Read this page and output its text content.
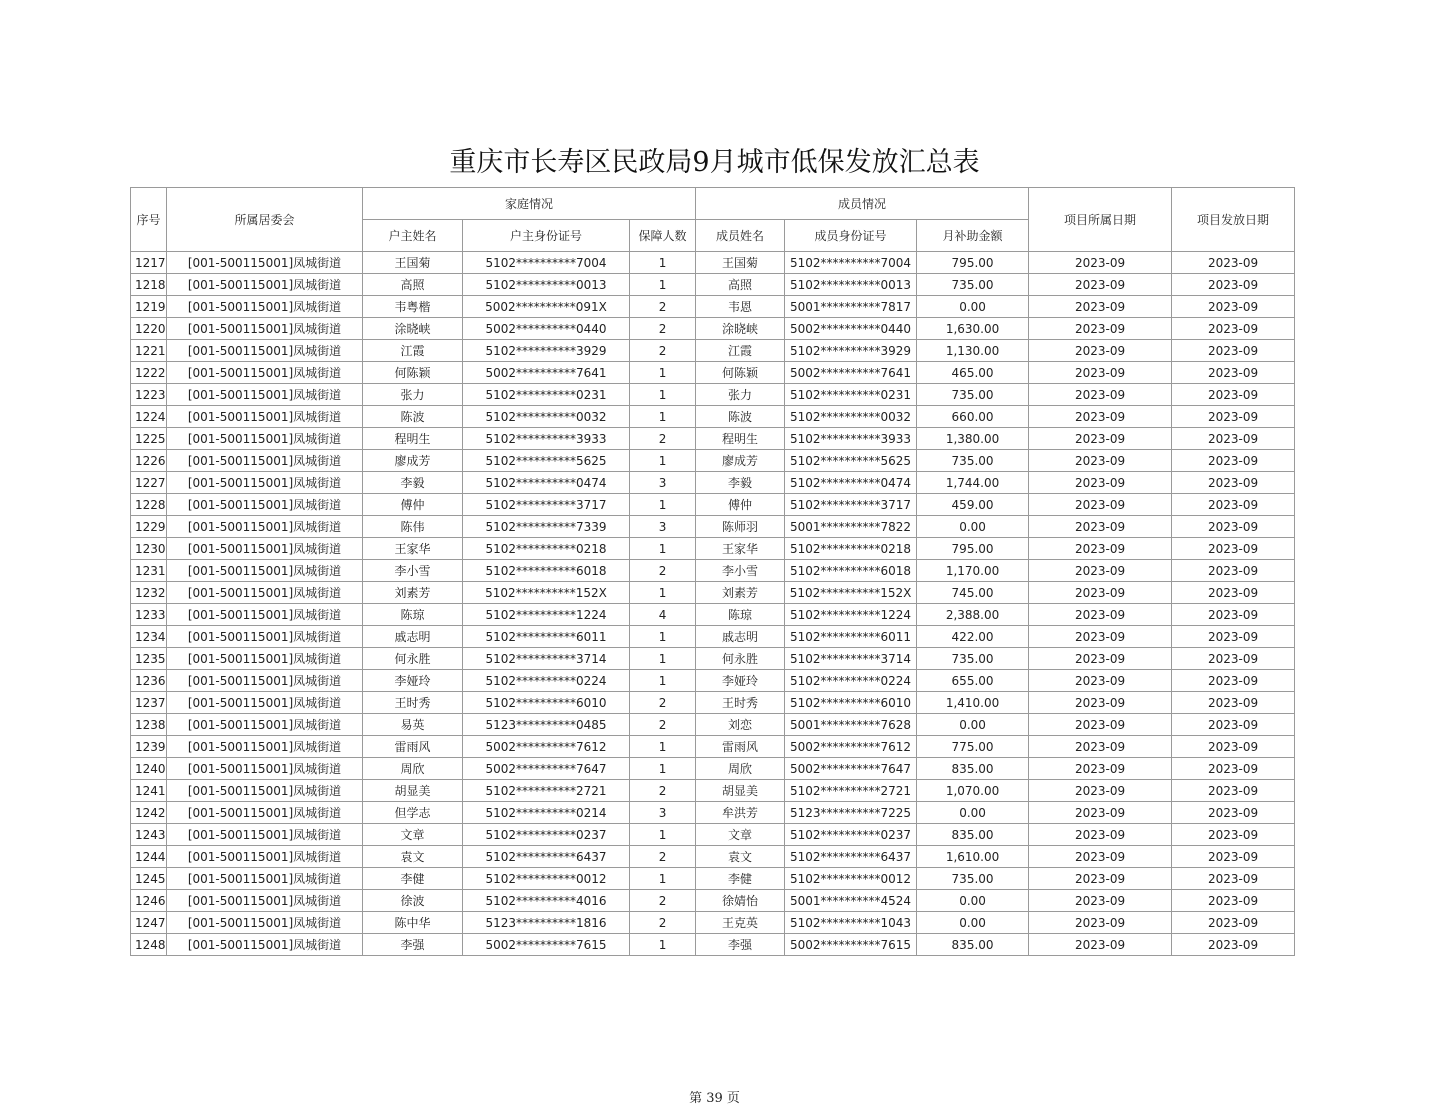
重庆市长寿区民政局9月城市低保发放汇总表
序号	所属居委会	家庭情况			成员情况			项目所属日期	项目发放日期
		户主姓名	户主身份证号	保障人数	成员姓名	成员身份证号	月补助金额		
1217	[001-500115001]凤城街道	王国菊	5102**********7004	1	王国菊	5102**********7004	795.00	2023-09	2023-09
1218	[001-500115001]凤城街道	高照	5102**********0013	1	高照	5102**********0013	735.00	2023-09	2023-09
1219	[001-500115001]凤城街道	韦粤楷	5002**********091X	2	韦恩	5001**********7817	0.00	2023-09	2023-09
1220	[001-500115001]凤城街道	涂晓峡	5002**********0440	2	涂晓峡	5002**********0440	1,630.00	2023-09	2023-09
1221	[001-500115001]凤城街道	江霞	5102**********3929	2	江霞	5102**********3929	1,130.00	2023-09	2023-09
1222	[001-500115001]凤城街道	何陈颖	5002**********7641	1	何陈颖	5002**********7641	465.00	2023-09	2023-09
1223	[001-500115001]凤城街道	张力	5102**********0231	1	张力	5102**********0231	735.00	2023-09	2023-09
1224	[001-500115001]凤城街道	陈波	5102**********0032	1	陈波	5102**********0032	660.00	2023-09	2023-09
1225	[001-500115001]凤城街道	程明生	5102**********3933	2	程明生	5102**********3933	1,380.00	2023-09	2023-09
1226	[001-500115001]凤城街道	廖成芳	5102**********5625	1	廖成芳	5102**********5625	735.00	2023-09	2023-09
1227	[001-500115001]凤城街道	李毅	5102**********0474	3	李毅	5102**********0474	1,744.00	2023-09	2023-09
1228	[001-500115001]凤城街道	傅仲	5102**********3717	1	傅仲	5102**********3717	459.00	2023-09	2023-09
1229	[001-500115001]凤城街道	陈伟	5102**********7339	3	陈师羽	5001**********7822	0.00	2023-09	2023-09
1230	[001-500115001]凤城街道	王家华	5102**********0218	1	王家华	5102**********0218	795.00	2023-09	2023-09
1231	[001-500115001]凤城街道	李小雪	5102**********6018	2	李小雪	5102**********6018	1,170.00	2023-09	2023-09
1232	[001-500115001]凤城街道	刘素芳	5102**********152X	1	刘素芳	5102**********152X	745.00	2023-09	2023-09
1233	[001-500115001]凤城街道	陈琼	5102**********1224	4	陈琼	5102**********1224	2,388.00	2023-09	2023-09
1234	[001-500115001]凤城街道	戚志明	5102**********6011	1	戚志明	5102**********6011	422.00	2023-09	2023-09
1235	[001-500115001]凤城街道	何永胜	5102**********3714	1	何永胜	5102**********3714	735.00	2023-09	2023-09
1236	[001-500115001]凤城街道	李娅玲	5102**********0224	1	李娅玲	5102**********0224	655.00	2023-09	2023-09
1237	[001-500115001]凤城街道	王时秀	5102**********6010	2	王时秀	5102**********6010	1,410.00	2023-09	2023-09
1238	[001-500115001]凤城街道	易英	5123**********0485	2	刘恋	5001**********7628	0.00	2023-09	2023-09
1239	[001-500115001]凤城街道	雷雨风	5002**********7612	1	雷雨风	5002**********7612	775.00	2023-09	2023-09
1240	[001-500115001]凤城街道	周欣	5002**********7647	1	周欣	5002**********7647	835.00	2023-09	2023-09
1241	[001-500115001]凤城街道	胡显美	5102**********2721	2	胡显美	5102**********2721	1,070.00	2023-09	2023-09
1242	[001-500115001]凤城街道	但学志	5102**********0214	3	牟洪芳	5123**********7225	0.00	2023-09	2023-09
1243	[001-500115001]凤城街道	文章	5102**********0237	1	文章	5102**********0237	835.00	2023-09	2023-09
1244	[001-500115001]凤城街道	袁文	5102**********6437	2	袁文	5102**********6437	1,610.00	2023-09	2023-09
1245	[001-500115001]凤城街道	李健	5102**********0012	1	李健	5102**********0012	735.00	2023-09	2023-09
1246	[001-500115001]凤城街道	徐波	5102**********4016	2	徐婧怡	5001**********4524	0.00	2023-09	2023-09
1247	[001-500115001]凤城街道	陈中华	5123**********1816	2	王克英	5102**********1043	0.00	2023-09	2023-09
1248	[001-500115001]凤城街道	李强	5002**********7615	1	李强	5002**********7615	835.00	2023-09	2023-09
第 39 页
